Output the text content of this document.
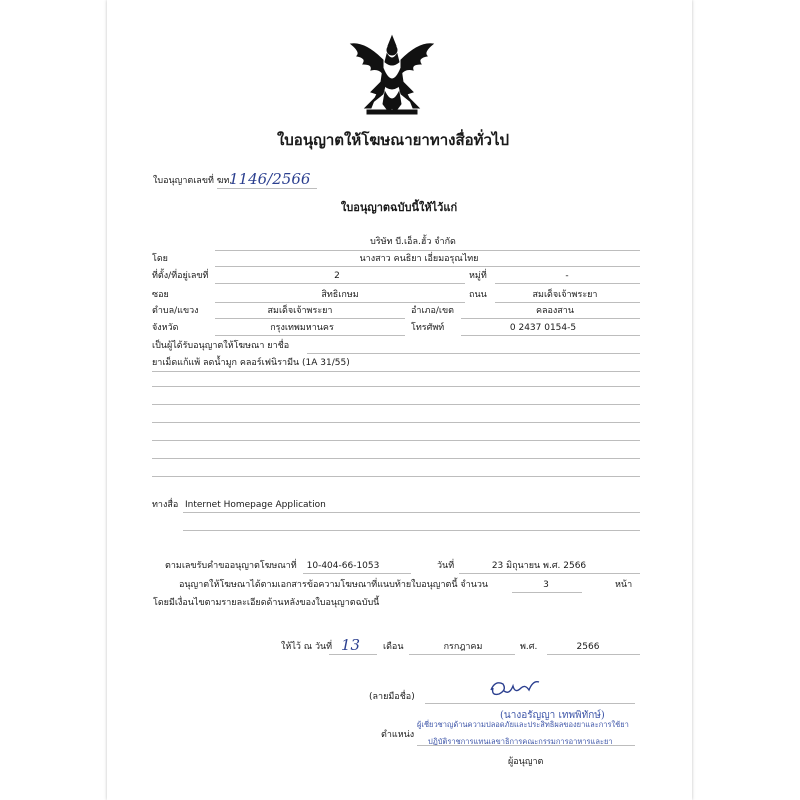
ใบอนุญาตให้โฆษณายาทางสื่อทั่วไป
ใบอนุญาตเลขที่ ฆท.
1146/2566
ใบอนุญาตฉบับนี้ให้ไว้แก่
บริษัท บี.เอ็ล.ฮั้ว จำกัด
โดย	นางสาว คนธิยา เอี่ยมอรุณไทย
ที่ตั้ง/ที่อยู่เลขที่	2	หมู่ที่	-
ซอย	สิทธิเกษม	ถนน	สมเด็จเจ้าพระยา
ตำบล/แขวง	สมเด็จเจ้าพระยา	อำเภอ/เขต	คลองสาน
จังหวัด	กรุงเทพมหานคร	โทรศัพท์	0 2437 0154-5
เป็นผู้ได้รับอนุญาตให้โฆษณา ยาชื่อ
ยาเม็ดแก้แพ้ ลดน้ำมูก คลอร์เฟนิรามีน (1A 31/55)
ทางสื่อ Internet Homepage Application
ตามเลขรับคำขออนุญาตโฆษณาที่ 10-404-66-1053	วันที่	23 มิถุนายน พ.ศ. 2566
อนุญาตให้โฆษณาได้ตามเอกสารข้อความโฆษณาที่แนบท้ายใบอนุญาตนี้ จำนวน	3	หน้า
โดยมีเงื่อนไขตามรายละเอียดด้านหลังของใบอนุญาตฉบับนี้
ให้ไว้ ณ วันที่ 13	เดือน	กรกฎาคม	พ.ศ.	2566
(ลายมือชื่อ)
(นางอรัญญา เทพพิทักษ์)
ตำแหน่ง
ผู้เชี่ยวชาญด้านความปลอดภัยและประสิทธิผลของยาและการใช้ยา
ปฏิบัติราชการแทนเลขาธิการคณะกรรมการอาหารและยา
ผู้อนุญาต
